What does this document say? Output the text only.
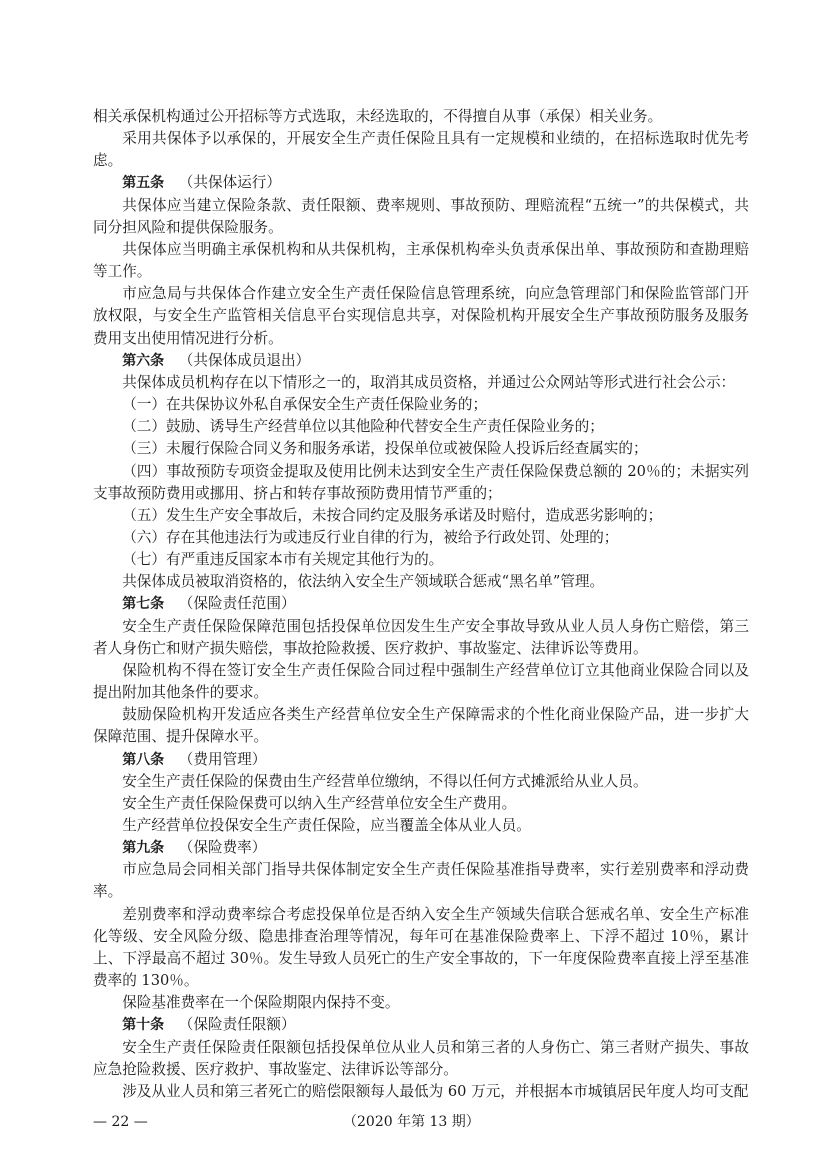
相关承保机构通过公开招标等方式选取，未经选取的，不得擅自从事（承保）相关业务。

采用共保体予以承保的，开展安全生产责任保险且具有一定规模和业绩的，在招标选取时优先考虑。

第五条 （共保体运行）

共保体应当建立保险条款、责任限额、费率规则、事故预防、理赔流程“五统一”的共保模式，共同分担风险和提供保险服务。

共保体应当明确主承保机构和从共保机构，主承保机构牵头负责承保出单、事故预防和查勘理赔等工作。

市应急局与共保体合作建立安全生产责任保险信息管理系统，向应急管理部门和保险监管部门开放权限，与安全生产监管相关信息平台实现信息共享，对保险机构开展安全生产事故预防服务及服务费用支出使用情况进行分析。

第六条 （共保体成员退出）

共保体成员机构存在以下情形之一的，取消其成员资格，并通过公众网站等形式进行社会公示：

（一）在共保协议外私自承保安全生产责任保险业务的；

（二）鼓励、诱导生产经营单位以其他险种代替安全生产责任保险业务的；

（三）未履行保险合同义务和服务承诺，投保单位或被保险人投诉后经查属实的；

（四）事故预防专项资金提取及使用比例未达到安全生产责任保险保费总额的 20％的；未据实列支事故预防费用或挪用、挤占和转存事故预防费用情节严重的；

（五）发生生产安全事故后，未按合同约定及服务承诺及时赔付，造成恶劣影响的；

（六）存在其他违法行为或违反行业自律的行为，被给予行政处罚、处理的；

（七）有严重违反国家本市有关规定其他行为的。

共保体成员被取消资格的，依法纳入安全生产领域联合惩戒“黑名单”管理。

第七条 （保险责任范围）

安全生产责任保险保障范围包括投保单位因发生生产安全事故导致从业人员人身伤亡赔偿，第三者人身伤亡和财产损失赔偿，事故抢险救援、医疗救护、事故鉴定、法律诉讼等费用。

保险机构不得在签订安全生产责任保险合同过程中强制生产经营单位订立其他商业保险合同以及提出附加其他条件的要求。

鼓励保险机构开发适应各类生产经营单位安全生产保障需求的个性化商业保险产品，进一步扩大保障范围、提升保障水平。

第八条 （费用管理）

安全生产责任保险的保费由生产经营单位缴纳，不得以任何方式摊派给从业人员。

安全生产责任保险保费可以纳入生产经营单位安全生产费用。

生产经营单位投保安全生产责任保险，应当覆盖全体从业人员。

第九条 （保险费率）

市应急局会同相关部门指导共保体制定安全生产责任保险基准指导费率，实行差别费率和浮动费率。

差别费率和浮动费率综合考虑投保单位是否纳入安全生产领域失信联合惩戒名单、安全生产标准化等级、安全风险分级、隐患排查治理等情况，每年可在基准保险费率上、下浮不超过 10％，累计上、下浮最高不超过 30％。发生导致人员死亡的生产安全事故的，下一年度保险费率直接上浮至基准费率的 130％。

保险基准费率在一个保险期限内保持不变。

第十条 （保险责任限额）

安全生产责任保险责任限额包括投保单位从业人员和第三者的人身伤亡、第三者财产损失、事故应急抢险救援、医疗救护、事故鉴定、法律诉讼等部分。

涉及从业人员和第三者死亡的赔偿限额每人最低为 60 万元，并根据本市城镇居民年度人均可支配

— 22 —	（2020 年第 13 期）
